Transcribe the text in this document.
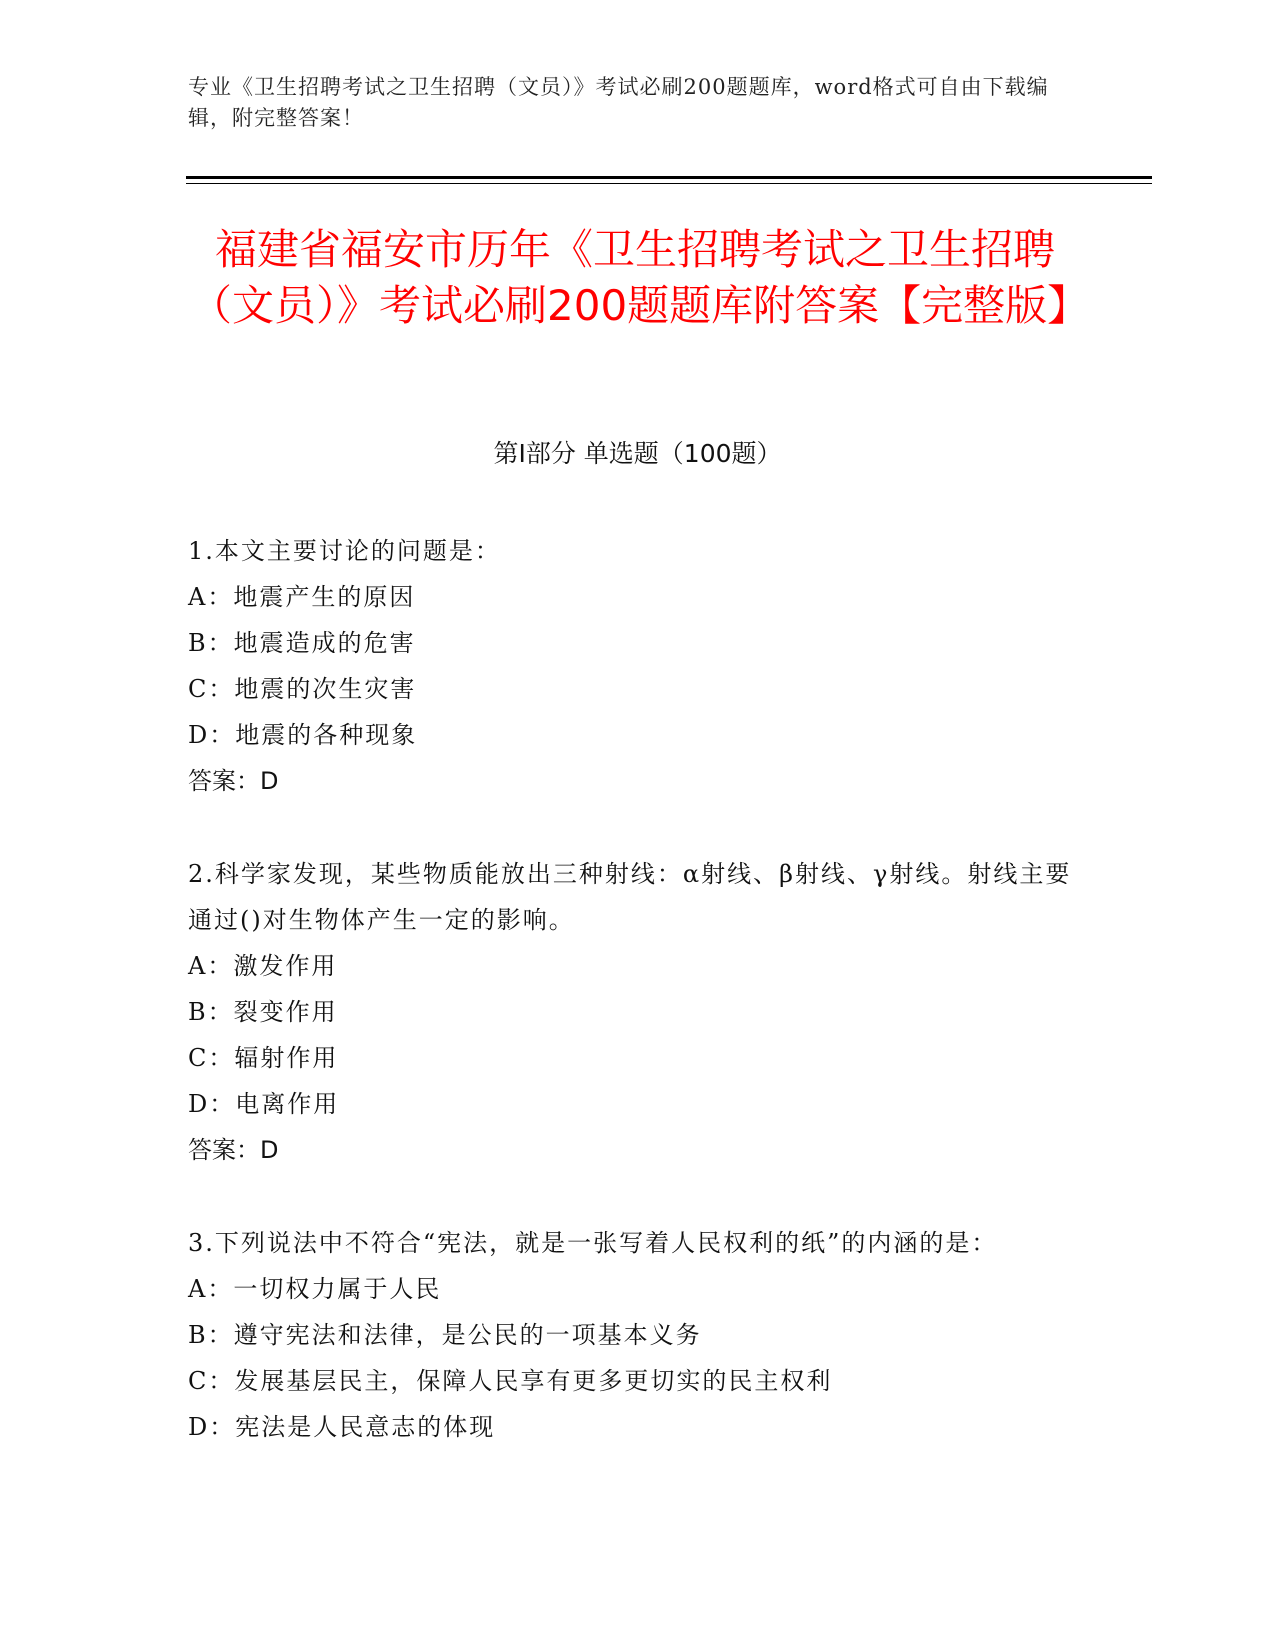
专业《卫生招聘考试之卫生招聘（文员）》考试必刷200题题库，word格式可自由下载编辑，附完整答案！
福建省福安市历年《卫生招聘考试之卫生招聘（文员）》考试必刷200题题库附答案【完整版】
第I部分 单选题（100题）
1.本文主要讨论的问题是：
A：地震产生的原因
B：地震造成的危害
C：地震的次生灾害
D：地震的各种现象
答案：D
2.科学家发现，某些物质能放出三种射线：α射线、β射线、γ射线。射线主要通过()对生物体产生一定的影响。
A：激发作用
B：裂变作用
C：辐射作用
D：电离作用
答案：D
3.下列说法中不符合“宪法，就是一张写着人民权利的纸”的内涵的是：
A：一切权力属于人民
B：遵守宪法和法律，是公民的一项基本义务
C：发展基层民主，保障人民享有更多更切实的民主权利
D：宪法是人民意志的体现
